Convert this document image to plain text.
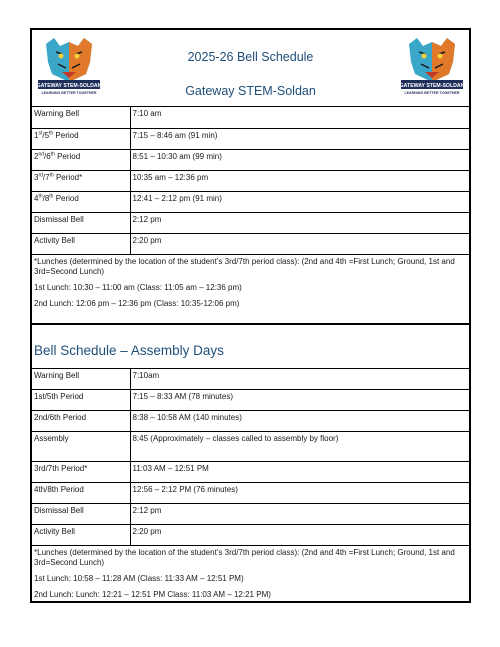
GATEWAY STEM-SOLDAN
LEARNING BETTER TOGETHER
2025-26 Bell Schedule
Gateway STEM-Soldan	GATEWAY STEM-SOLDAN
LEARNING BETTER TOGETHER
Warning Bell	7:10 am
1st/5th Period	7:15 – 8:46 am (91 min)
2nd/6th Period	8:51 – 10:30 am (99 min)
3rd/7th Period*	10:35 am – 12:36 pm
4th/8th Period	12:41 – 2:12 pm (91 min)
Dismissal Bell	2:12 pm
Activity Bell	2:20 pm

*Lunches (determined by the location of the student’s 3rd/7th period class): (2nd and 4th =First Lunch; Ground, 1st and 3rd=Second Lunch)

1st Lunch: 10:30 – 11:00 am (Class: 11:05 am – 12:36 pm)

2nd Lunch: 12:06 pm – 12:36 pm (Class: 10:35-12:06 pm)

Bell Schedule – Assembly Days
Warning Bell	7:10am
1st/5th Period	7:15 – 8:33 AM (78 minutes)
2nd/6th Period	8:38 – 10:58 AM (140 minutes)
Assembly	8:45 (Approximately – classes called to assembly by floor)
3rd/7th Period*	11:03 AM – 12:51 PM
4th/8th Period	12:56 – 2:12 PM (76 minutes)
Dismissal Bell	2:12 pm
Activity Bell	2:20 pm

*Lunches (determined by the location of the student’s 3rd/7th period class): (2nd and 4th =First Lunch; Ground, 1st and 3rd=Second Lunch)

1st Lunch: 10:58 – 11:28 AM (Class: 11:33 AM – 12:51 PM)

2nd Lunch: Lunch: 12:21 – 12:51 PM Class: 11:03 AM – 12:21 PM)
